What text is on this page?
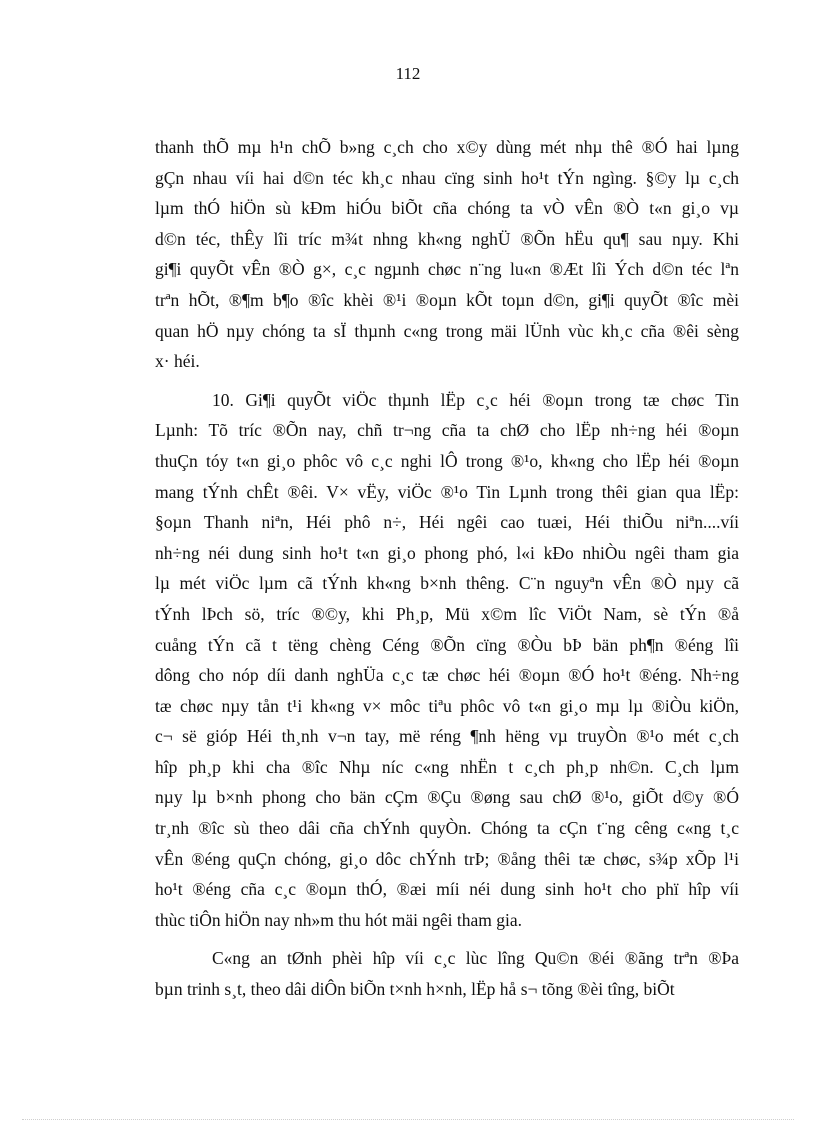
112
thanh thÕ mµ h¹n chÕ b»ng c¸ch cho x©y dùng mét nhµ thê ®Ó hai lµng
gÇn nhau víi hai d©n téc kh¸c nhau cïng sinh ho¹t tÝn ngìng. §©y lµ c¸ch
lµm thÓ hiÖn sù kÐm hiÓu biÕt cña chóng ta vÒ vÊn ®Ò t«n gi¸o vµ
d©n téc, thÊy lîi tríc m¾t nhng kh«ng nghÜ ®Õn hËu qu¶ sau nµy. Khi
gi¶i quyÕt vÊn ®Ò g×, c¸c ngµnh chøc n¨ng lu«n ®Æt lîi Ých d©n téc lªn
trªn hÕt, ®¶m b¶o ®îc khèi ®¹i ®oµn kÕt toµn d©n, gi¶i quyÕt ®îc mèi
quan hÖ nµy chóng ta sÏ thµnh c«ng trong mäi lÜnh vùc kh¸c cña ®êi sèng
x· héi.
10. Gi¶i quyÕt viÖc thµnh lËp c¸c héi ®oµn trong tæ chøc Tin
Lµnh: Tõ tríc ®Õn nay, chñ tr¬ng cña ta chØ cho lËp nh÷ng héi ®oµn
thuÇn tóy t«n gi¸o phôc vô c¸c nghi lÔ trong ®¹o, kh«ng cho lËp héi ®oµn
mang tÝnh chÊt ®êi. V× vËy, viÖc ®¹o Tin Lµnh trong thêi gian qua lËp:
§oµn Thanh niªn, Héi phô n÷, Héi ngêi cao tuæi, Héi thiÕu niªn....víi
nh÷ng néi dung sinh ho¹t t«n gi¸o phong phó, l«i kÐo nhiÒu ngêi tham gia
lµ mét viÖc lµm cã tÝnh kh«ng b×nh thêng. C¨n nguyªn vÊn ®Ò nµy cã
tÝnh lÞch sö, tríc ®©y, khi Ph¸p, Mü x©m lîc ViÖt Nam, sè tÝn ®å
cuång tÝn cã t tëng chèng Céng ®Õn cïng ®Òu bÞ bän ph¶n ®éng lîi
dông cho nóp díi danh nghÜa c¸c tæ chøc héi ®oµn ®Ó ho¹t ®éng. Nh÷ng
tæ chøc nµy tån t¹i kh«ng v× môc tiªu phôc vô t«n gi¸o mµ lµ ®iÒu kiÖn,
c¬ së gióp Héi th¸nh v¬n tay, më réng ¶nh hëng vµ truyÒn ®¹o mét c¸ch
hîp ph¸p khi cha ®îc Nhµ níc c«ng nhËn t c¸ch ph¸p nh©n. C¸ch lµm
nµy lµ b×nh phong cho bän cÇm ®Çu ®øng sau chØ ®¹o, giÕt d©y ®Ó
tr¸nh ®îc sù theo dâi cña chÝnh quyÒn. Chóng ta cÇn t¨ng cêng c«ng t¸c
vÊn ®éng quÇn chóng, gi¸o dôc chÝnh trÞ; ®ång thêi tæ chøc, s¾p xÕp l¹i
ho¹t ®éng cña c¸c ®oµn thÓ, ®æi míi néi dung sinh ho¹t cho phï hîp víi
thùc tiÔn hiÖn nay nh»m thu hót mäi ngêi tham gia.
C«ng an tØnh phèi hîp víi c¸c lùc lîng Qu©n ®éi ®ãng trªn ®Þa
bµn trinh s¸t, theo dâi diÔn biÕn t×nh h×nh, lËp hå s¬ tõng ®èi tîng, biÕt
